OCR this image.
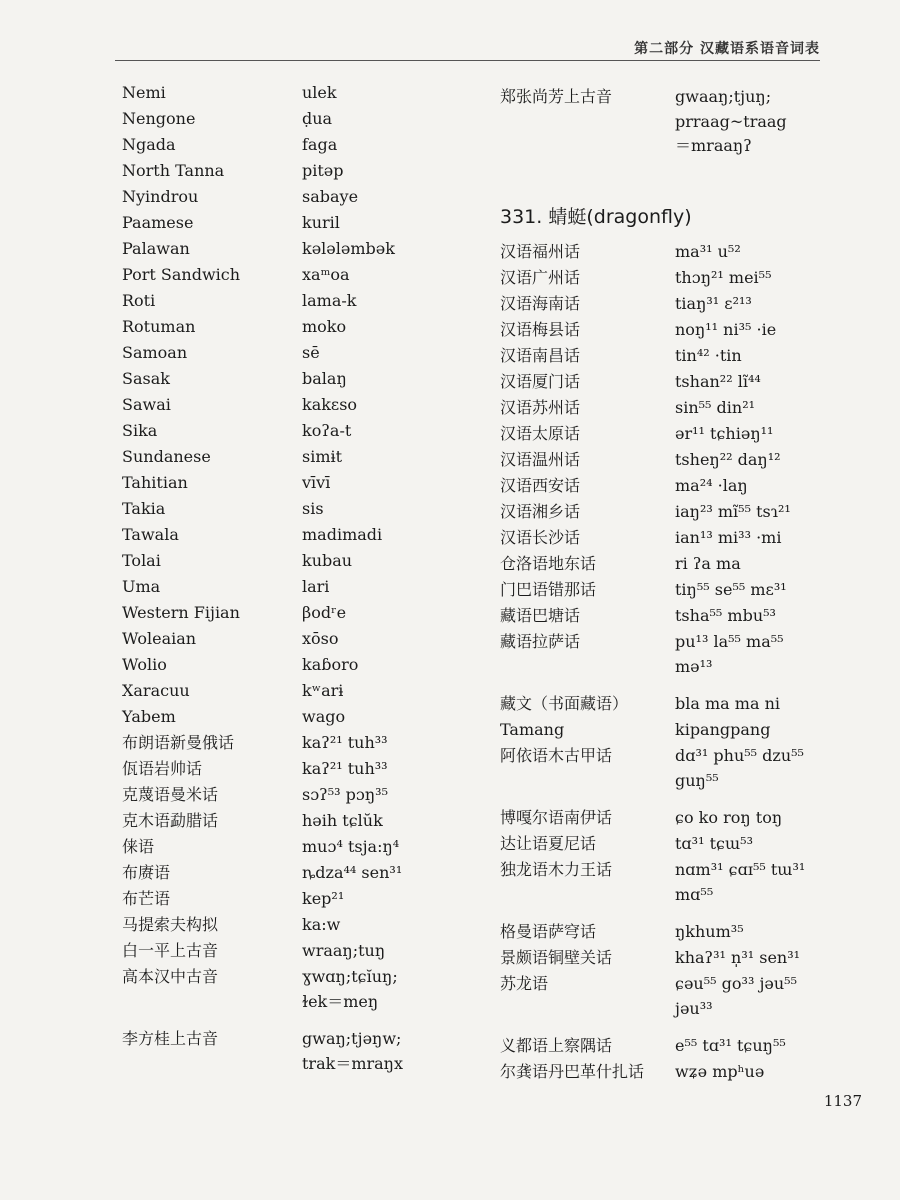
第二部分 汉藏语系语音词表
Nemi	ulek
Nengone	ḍua
Ngada	faga
North Tanna	pitəp
Nyindrou	sabaye
Paamese	kuril
Palawan	kələləmbək
Port Sandwich	xaᵐoa
Roti	lama-k
Rotuman	moko
Samoan	sē
Sasak	balaŋ
Sawai	kakɛso
Sika	koʔa-t
Sundanese	simɨt
Tahitian	vīvī
Takia	sis
Tawala	madimadi
Tolai	kubau
Uma	lari
Western Fijian	βodʳe
Woleaian	xōso
Wolio	kaɓoro
Xaracuu	kʷarɨ
Yabem	wago
布朗语新曼俄话	kaʔ²¹ tuh³³
佤语岩帅话	kaʔ²¹ tuh³³
克蔑语曼米话	sɔʔ⁵³ pɔŋ³⁵
克木语勐腊话	həih tɕlŭk
俫语	muɔ⁴ tsja:ŋ⁴
布赓语	ȵdza⁴⁴ sen³¹
布芒语	kep²¹
马提索夫构拟	ka:w
白一平上古音	wraaŋ;tuŋ
高本汉中古音	ɣwɑŋ;tɕĭuŋ;
ɫek＝meŋ
李方桂上古音	gwaŋ;tjəŋw;
trak＝mraŋx
郑张尚芳上古音	gwaaŋ;tjuŋ;
prraag~traag
＝mraaŋʔ
331. 蜻蜓(dragonfly)
汉语福州话	ma³¹ u⁵²
汉语广州话	thɔŋ²¹ mei⁵⁵
汉语海南话	tiaŋ³¹ ɛ²¹³
汉语梅县话	noŋ¹¹ ni³⁵ ·ie
汉语南昌话	tin⁴² ·tin
汉语厦门话	tshan²² lĩ⁴⁴
汉语苏州话	sin⁵⁵ din²¹
汉语太原话	ər¹¹ tɕhiəŋ¹¹
汉语温州话	tsheŋ²² daŋ¹²
汉语西安话	ma²⁴ ·laŋ
汉语湘乡话	iaŋ²³ mĩ⁵⁵ tsɿ²¹
汉语长沙话	ian¹³ mi³³ ·mi
仓洛语地东话	ri ʔa ma
门巴语错那话	tiŋ⁵⁵ se⁵⁵ mɛ³¹
藏语巴塘话	tsha⁵⁵ mbu⁵³
藏语拉萨话	pu¹³ la⁵⁵ ma⁵⁵
mə¹³
藏文（书面藏语）	bla ma ma ni
Tamang	kipangpang
阿依语木古甲话	dɑ³¹ phu⁵⁵ dzu⁵⁵
guŋ⁵⁵
博嘎尔语南伊话	ɕo ko roŋ toŋ
达让语夏尼话	tɑ³¹ tɕɯ⁵³
独龙语木力王话	nɑm³¹ ɕɑɪ⁵⁵ tɯ³¹
mɑ⁵⁵
格曼语萨穹话	ŋkhum³⁵
景颇语铜壁关话	khaʔ³¹ n̩³¹ sen³¹
苏龙语	ɕəu⁵⁵ go³³ jəu⁵⁵
jəu³³
义都语上察隅话	e⁵⁵ tɑ³¹ tɕuŋ⁵⁵
尔龚语丹巴革什扎话	wʑə mpʰuə
1137
